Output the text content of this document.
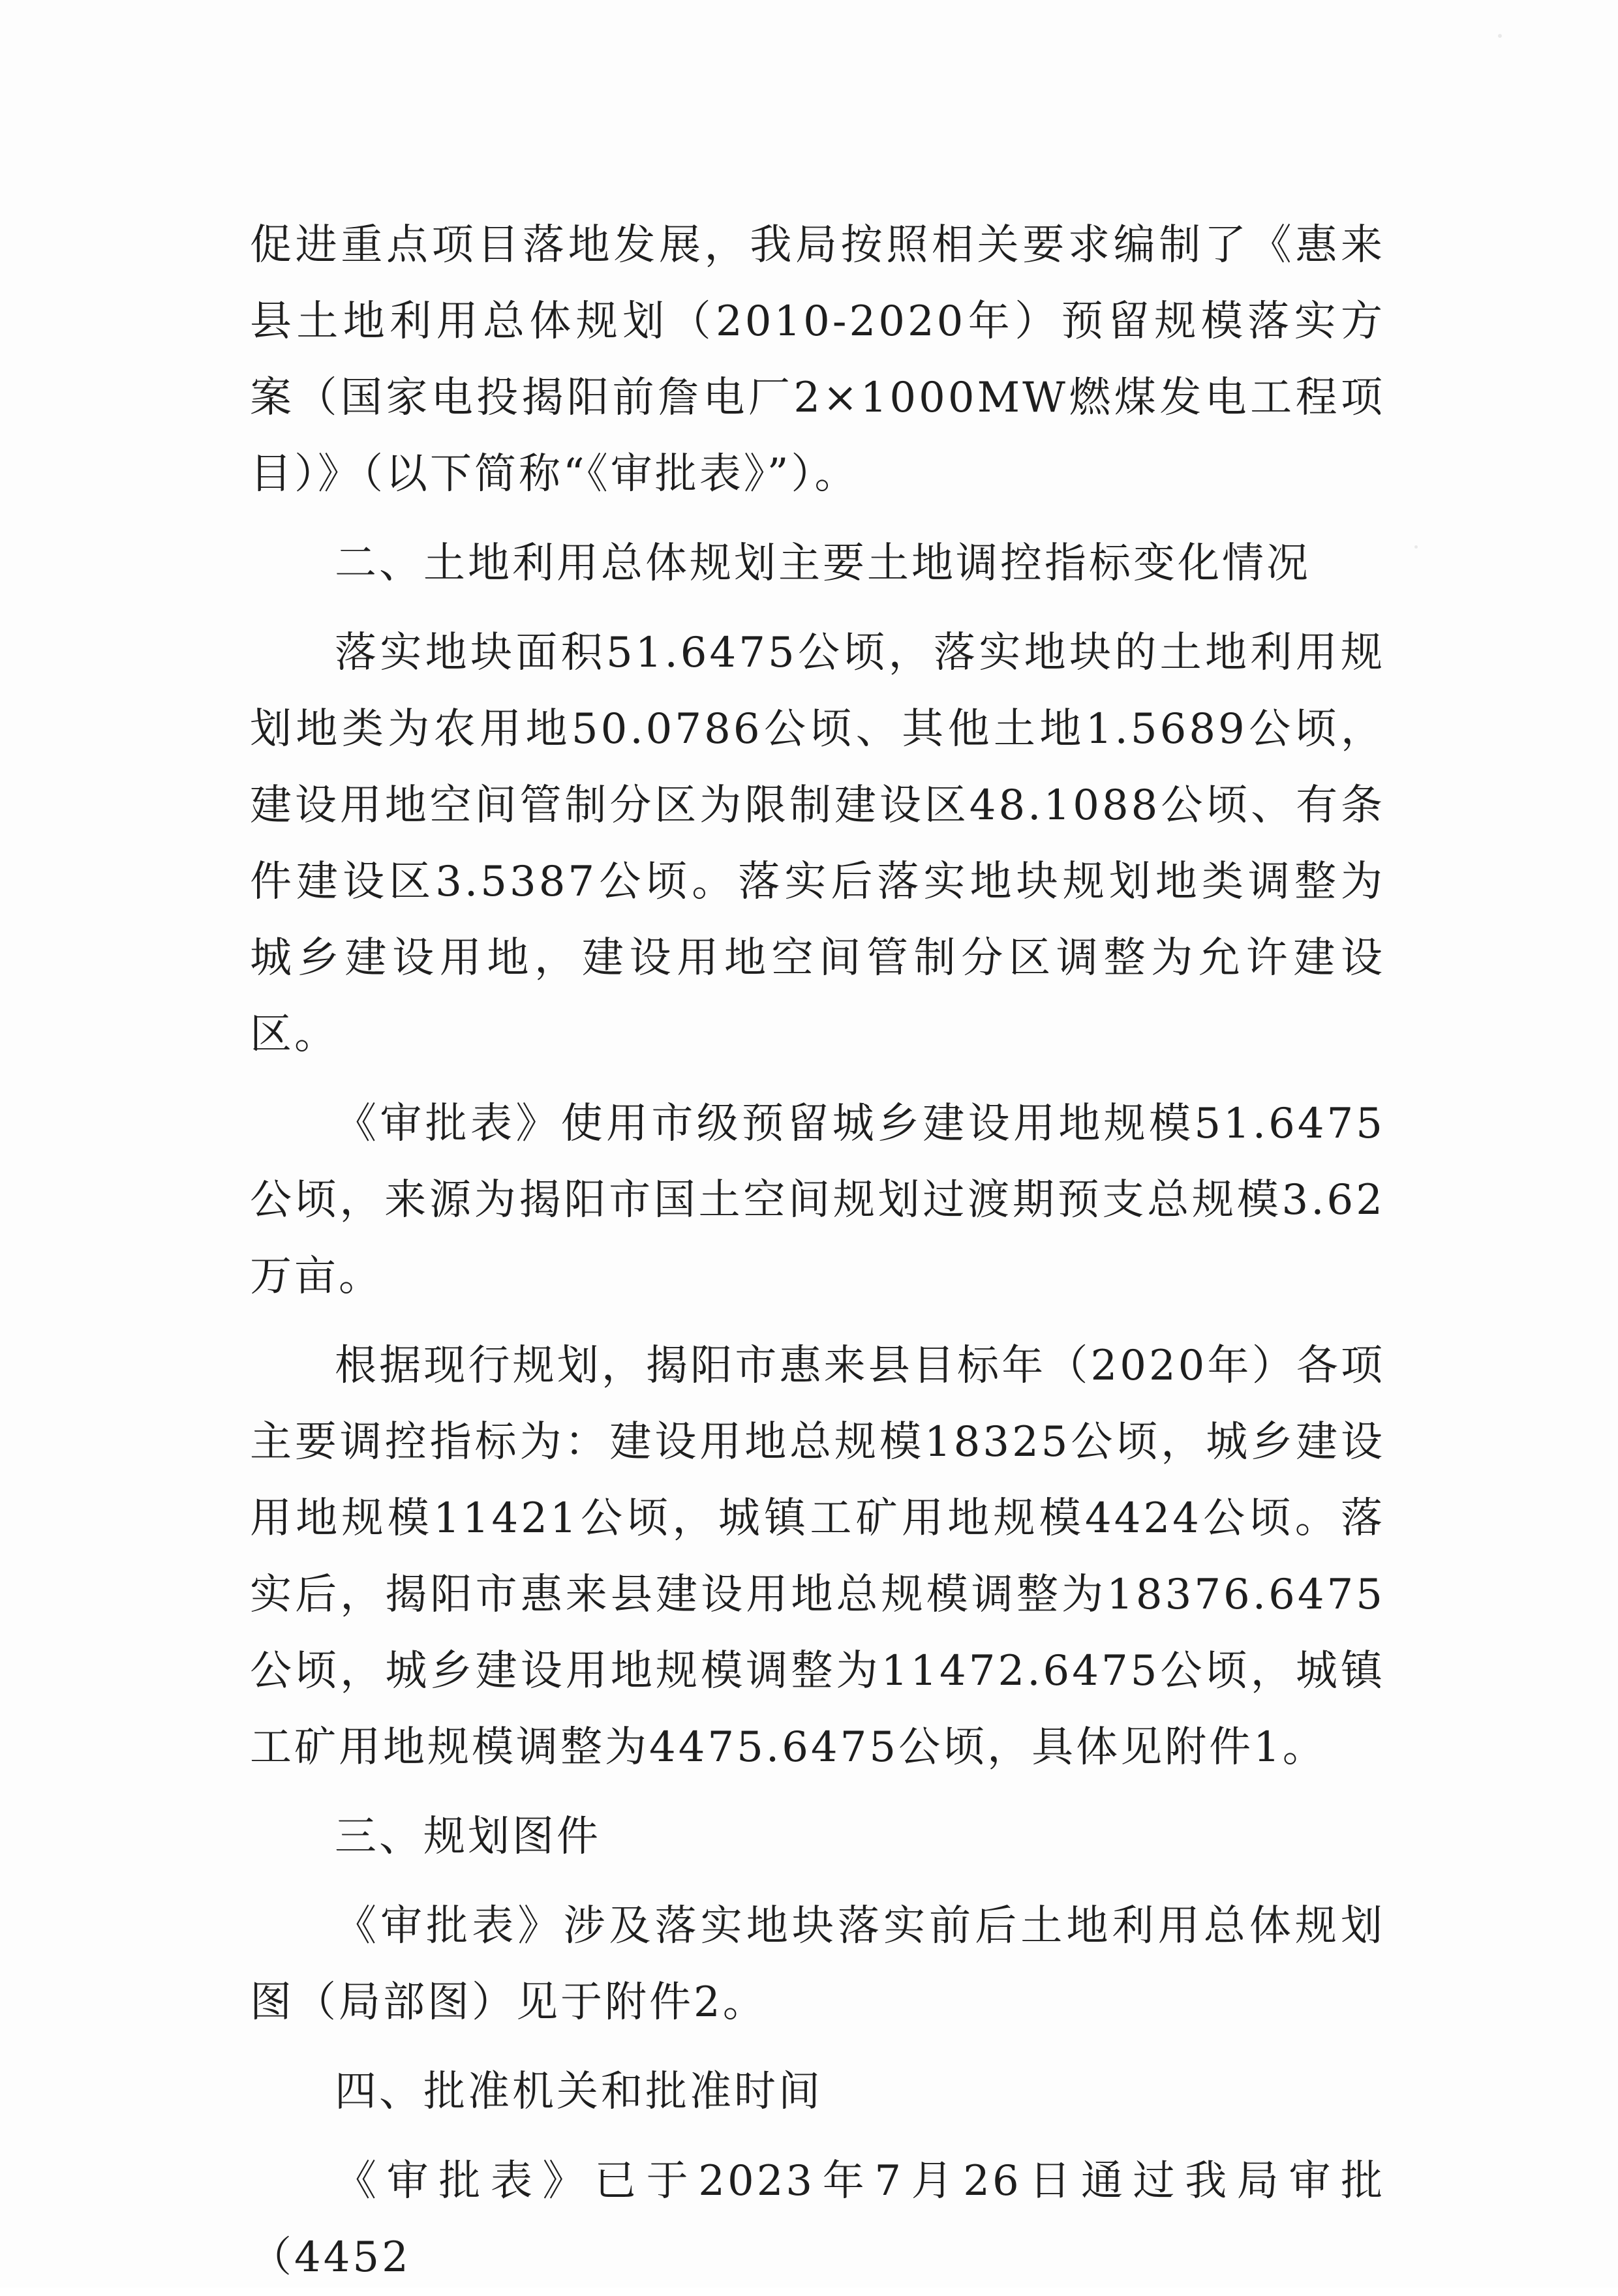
促进重点项目落地发展，我局按照相关要求编制了《惠来县土地利用总体规划（2010-2020年）预留规模落实方案（国家电投揭阳前詹电厂2×1000MW燃煤发电工程项目）》（以下简称“《审批表》”）。

二、土地利用总体规划主要土地调控指标变化情况

落实地块面积51.6475公顷，落实地块的土地利用规划地类为农用地50.0786公顷、其他土地1.5689公顷，建设用地空间管制分区为限制建设区48.1088公顷、有条件建设区3.5387公顷。落实后落实地块规划地类调整为城乡建设用地，建设用地空间管制分区调整为允许建设区。

《审批表》使用市级预留城乡建设用地规模51.6475公顷，来源为揭阳市国土空间规划过渡期预支总规模3.62万亩。

根据现行规划，揭阳市惠来县目标年（2020年）各项主要调控指标为：建设用地总规模18325公顷，城乡建设用地规模11421公顷，城镇工矿用地规模4424公顷。落实后，揭阳市惠来县建设用地总规模调整为18376.6475公顷，城乡建设用地规模调整为11472.6475公顷，城镇工矿用地规模调整为4475.6475公顷，具体见附件1。

三、规划图件

《审批表》涉及落实地块落实前后土地利用总体规划图（局部图）见于附件2。

四、批准机关和批准时间

《审批表》已于2023年7月26日通过我局审批（4452
